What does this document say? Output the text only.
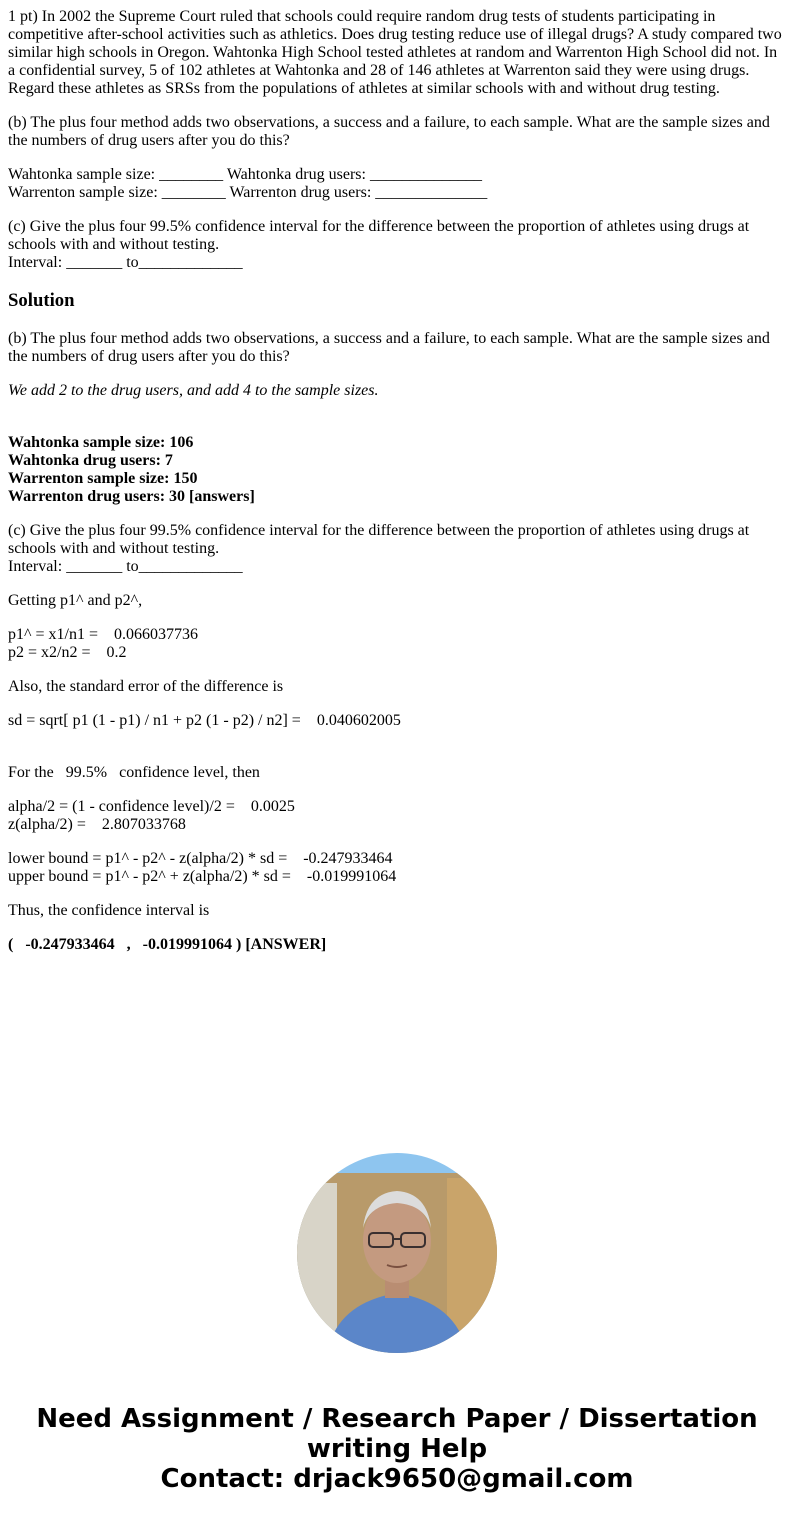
1 pt) In 2002 the Supreme Court ruled that schools could require random drug tests of students participating in competitive after-school activities such as athletics. Does drug testing reduce use of illegal drugs? A study compared two similar high schools in Oregon. Wahtonka High School tested athletes at random and Warrenton High School did not. In a confidential survey, 5 of 102 athletes at Wahtonka and 28 of 146 athletes at Warrenton said they were using drugs. Regard these athletes as SRSs from the populations of athletes at similar schools with and without drug testing.

(b) The plus four method adds two observations, a success and a failure, to each sample. What are the sample sizes and the numbers of drug users after you do this?

Wahtonka sample size: ________ Wahtonka drug users: ______________
Warrenton sample size: ________ Warrenton drug users: ______________

(c) Give the plus four 99.5% confidence interval for the difference between the proportion of athletes using drugs at schools with and without testing.
Interval: _______ to_____________

Solution

(b) The plus four method adds two observations, a success and a failure, to each sample. What are the sample sizes and the numbers of drug users after you do this?

We add 2 to the drug users, and add 4 to the sample sizes.

Wahtonka sample size: 106
Wahtonka drug users: 7
Warrenton sample size: 150
Warrenton drug users: 30 [answers]

(c) Give the plus four 99.5% confidence interval for the difference between the proportion of athletes using drugs at schools with and without testing.
Interval: _______ to_____________

Getting p1^ and p2^,

p1^ = x1/n1 =    0.066037736
p2 = x2/n2 =    0.2

Also, the standard error of the difference is

sd = sqrt[ p1 (1 - p1) / n1 + p2 (1 - p2) / n2] =    0.040602005

For the   99.5%   confidence level, then

alpha/2 = (1 - confidence level)/2 =    0.0025
z(alpha/2) =    2.807033768

lower bound = p1^ - p2^ - z(alpha/2) * sd =    -0.247933464
upper bound = p1^ - p2^ + z(alpha/2) * sd =    -0.019991064

Thus, the confidence interval is

(   -0.247933464   ,   -0.019991064 ) [ANSWER]

Need Assignment / Research Paper / Dissertation
writing Help
Contact: drjack9650@gmail.com
